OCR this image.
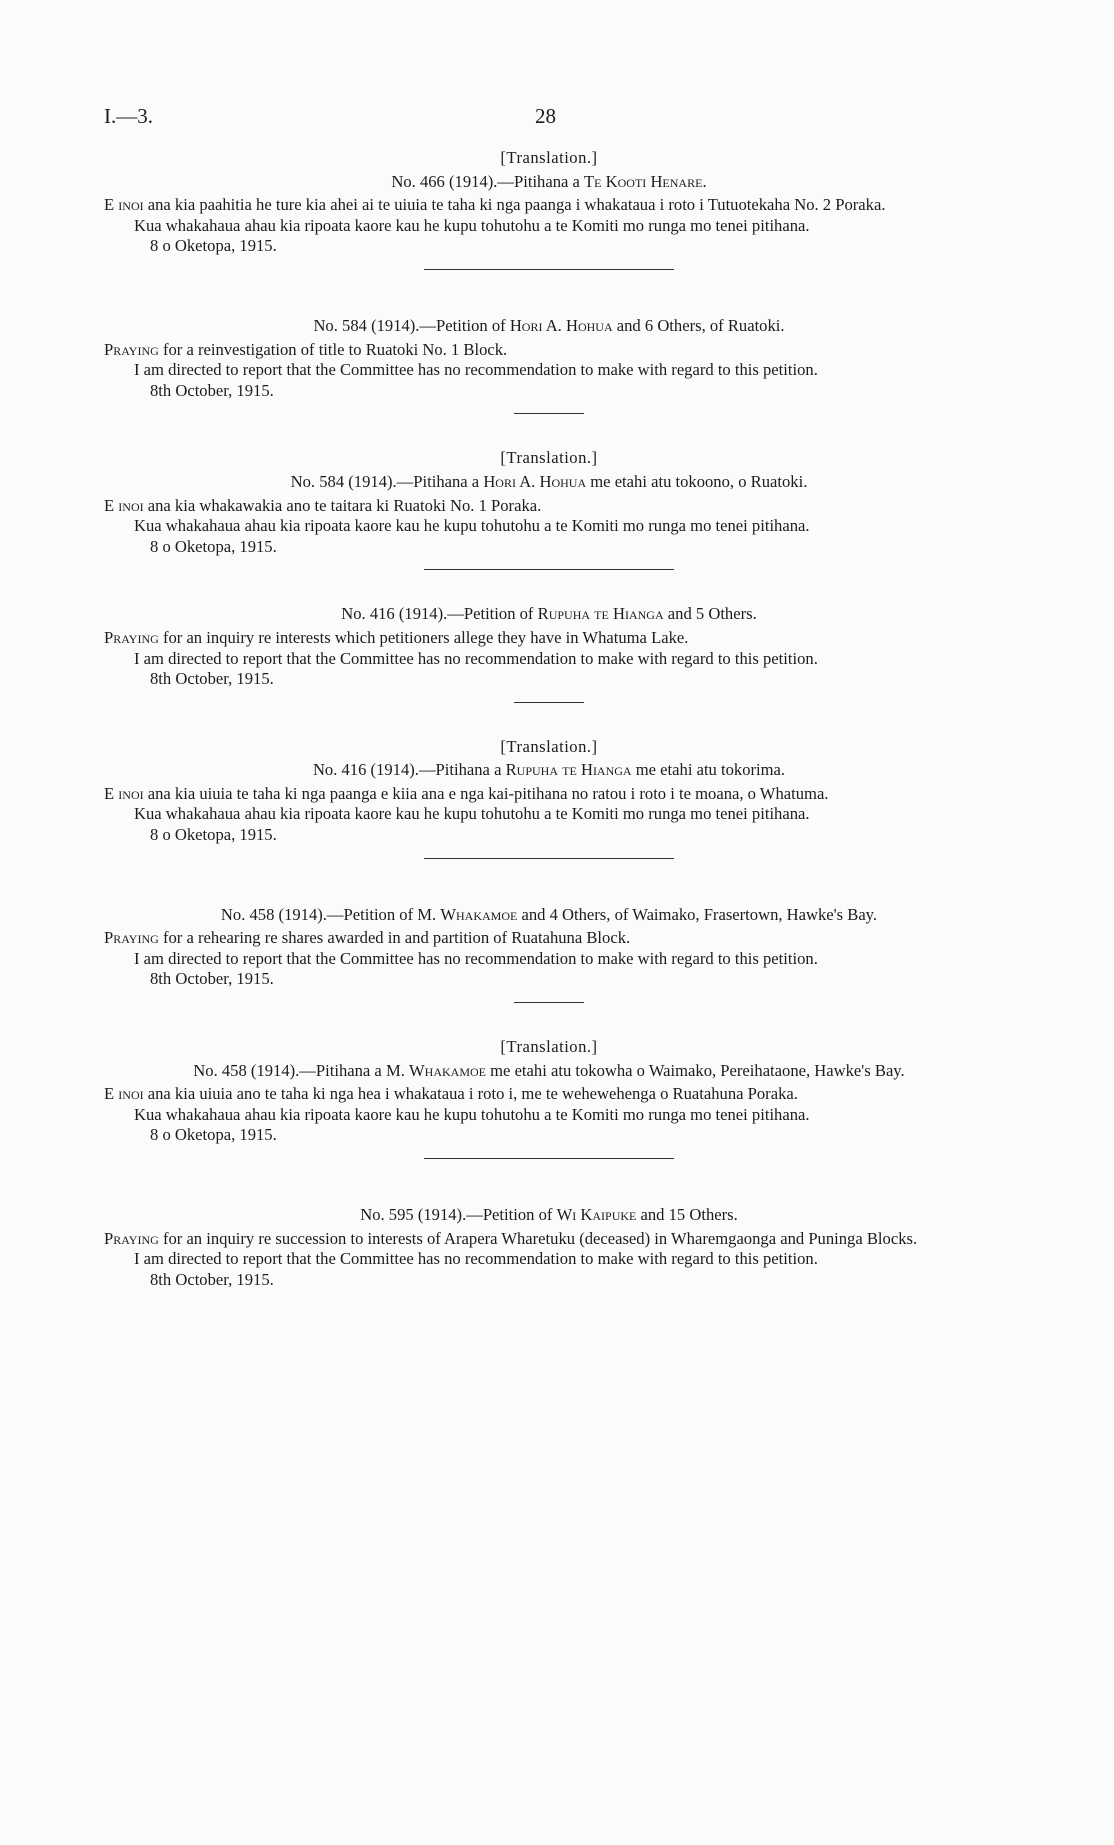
I.—3.	28
[Translation.]
No. 466 (1914).—Pitihana a Te Kooti Henare.
E inoi ana kia paahitia he ture kia ahei ai te uiuia te taha ki nga paanga i whakataua i roto i Tutuotekaha No. 2 Poraka.
Kua whakahaua ahau kia ripoata kaore kau he kupu tohutohu a te Komiti mo runga mo tenei pitihana.
8 o Oketopa, 1915.
No. 584 (1914).—Petition of Hori A. Hohua and 6 Others, of Ruatoki.
Praying for a reinvestigation of title to Ruatoki No. 1 Block.
I am directed to report that the Committee has no recommendation to make with regard to this petition.
8th October, 1915.
[Translation.]
No. 584 (1914).—Pitihana a Hori A. Hohua me etahi atu tokoono, o Ruatoki.
E inoi ana kia whakawakia ano te taitara ki Ruatoki No. 1 Poraka.
Kua whakahaua ahau kia ripoata kaore kau he kupu tohutohu a te Komiti mo runga mo tenei pitihana.
8 o Oketopa, 1915.
No. 416 (1914).—Petition of Rupuha te Hianga and 5 Others.
Praying for an inquiry re interests which petitioners allege they have in Whatuma Lake.
I am directed to report that the Committee has no recommendation to make with regard to this petition.
8th October, 1915.
[Translation.]
No. 416 (1914).—Pitihana a Rupuha te Hianga me etahi atu tokorima.
E inoi ana kia uiuia te taha ki nga paanga e kiia ana e nga kai-pitihana no ratou i roto i te moana, o Whatuma.
Kua whakahaua ahau kia ripoata kaore kau he kupu tohutohu a te Komiti mo runga mo tenei pitihana.
8 o Oketopa, 1915.
No. 458 (1914).—Petition of M. Whakamoe and 4 Others, of Waimako, Frasertown, Hawke's Bay.
Praying for a rehearing re shares awarded in and partition of Ruatahuna Block.
I am directed to report that the Committee has no recommendation to make with regard to this petition.
8th October, 1915.
[Translation.]
No. 458 (1914).—Pitihana a M. Whakamoe me etahi atu tokowha o Waimako, Pereihataone, Hawke's Bay.
E inoi ana kia uiuia ano te taha ki nga hea i whakataua i roto i, me te wehewehenga o Ruatahuna Poraka.
Kua whakahaua ahau kia ripoata kaore kau he kupu tohutohu a te Komiti mo runga mo tenei pitihana.
8 o Oketopa, 1915.
No. 595 (1914).—Petition of Wi Kaipuke and 15 Others.
Praying for an inquiry re succession to interests of Arapera Wharetuku (deceased) in Wharemgaonga and Puninga Blocks.
I am directed to report that the Committee has no recommendation to make with regard to this petition.
8th October, 1915.
